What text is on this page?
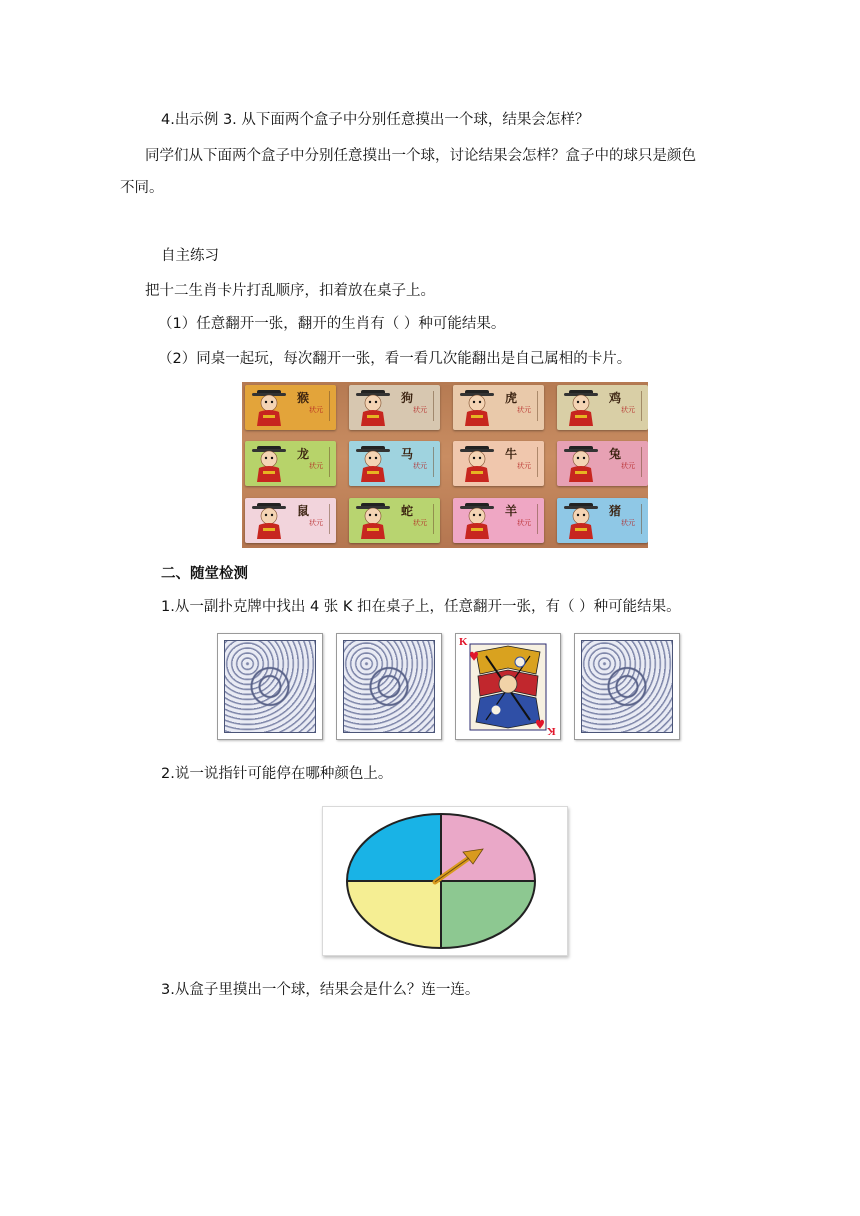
4.出示例 3. 从下面两个盒子中分别任意摸出一个球，结果会怎样？
同学们从下面两个盒子中分别任意摸出一个球，讨论结果会怎样？盒子中的球只是颜色
不同。
自主练习
把十二生肖卡片打乱顺序，扣着放在桌子上。
（1）任意翻开一张，翻开的生肖有（ ）种可能结果。
（2）同桌一起玩，每次翻开一张，看一看几次能翻出是自己属相的卡片。
猴
状元
狗
状元
虎
状元
鸡
状元
龙
状元
马
状元
牛
状元
兔
状元
鼠
状元
蛇
状元
羊
状元
猪
状元
二、随堂检测
1.从一副扑克牌中找出 4 张 K 扣在桌子上，任意翻开一张，有（ ）种可能结果。
K
K
2.说一说指针可能停在哪种颜色上。
3.从盒子里摸出一个球，结果会是什么？连一连。
